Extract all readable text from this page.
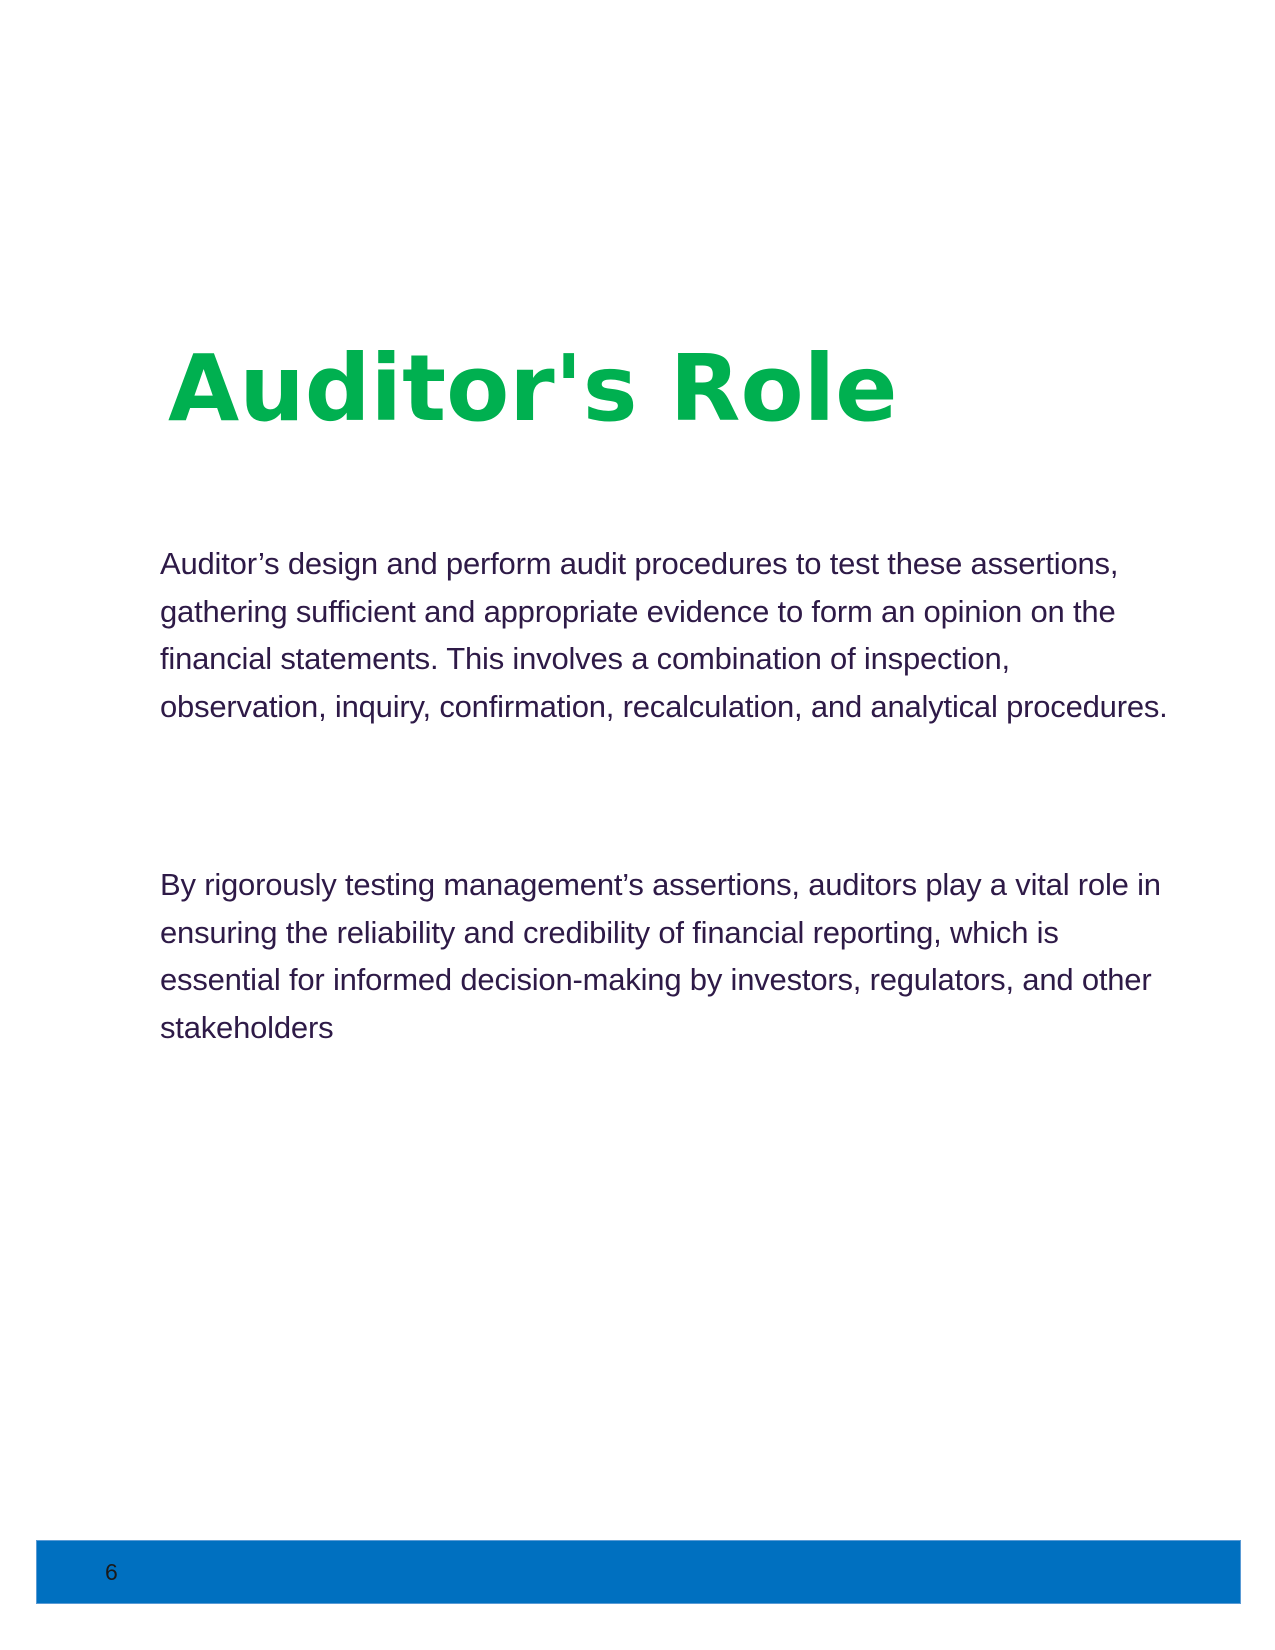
Auditor's Role

Auditor’s design and perform audit procedures to test these assertions, gathering sufficient and appropriate evidence to form an opinion on the financial statements. This involves a combination of inspection, observation, inquiry, confirmation, recalculation, and analytical procedures.

By rigorously testing management’s assertions, auditors play a vital role in ensuring the reliability and credibility of financial reporting, which is essential for informed decision-making by investors, regulators, and other stakeholders

6
